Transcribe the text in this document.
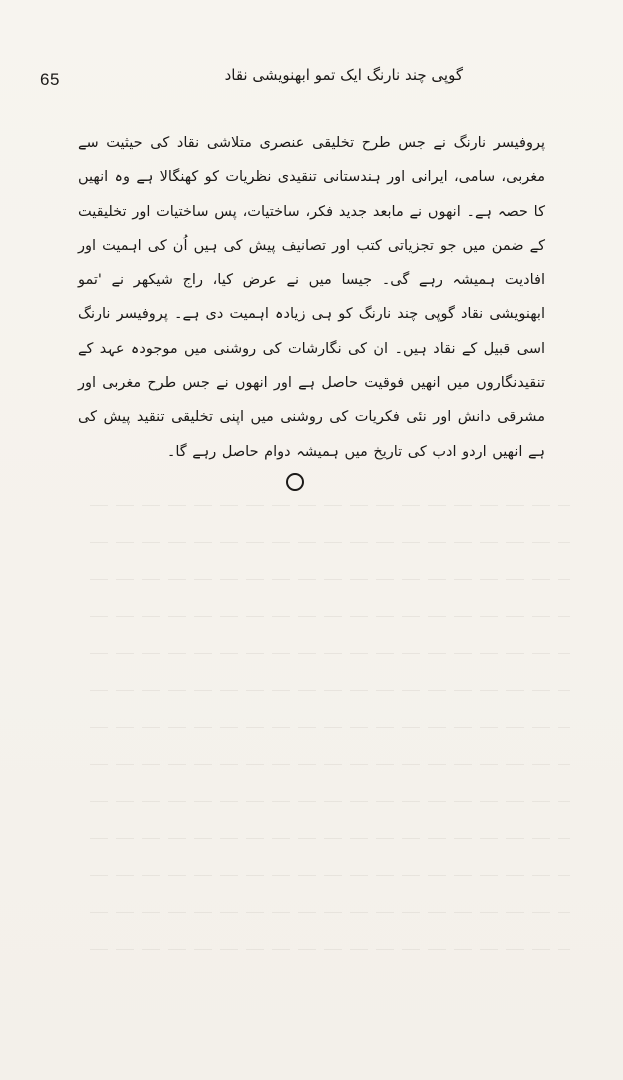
65	گوپی چند نارنگ ایک تمو ابھنویشی نقاد

پروفیسر نارنگ نے جس طرح تخلیقی عنصری متلاشی نقاد کی حیثیت سے مغربی، سامی، ایرانی اور ہندستانی تنقیدی نظریات کو کھنگالا ہے وہ انھیں کا حصہ ہے۔ انھوں نے مابعد جدید فکر، ساختیات، پس ساختیات اور تخلیقیت کے ضمن میں جو تجزیاتی کتب اور تصانیف پیش کی ہیں اُن کی اہمیت اور افادیت ہمیشہ رہے گی۔ جیسا میں نے عرض کیا، راج شیکھر نے 'تمو ابھنویشی نقاد گوپی چند نارنگ کو ہی زیادہ اہمیت دی ہے۔ پروفیسر نارنگ اسی قبیل کے نقاد ہیں۔ ان کی نگارشات کی روشنی میں موجودہ عہد کے تنقیدنگاروں میں انھیں فوقیت حاصل ہے اور انھوں نے جس طرح مغربی اور مشرقی دانش اور نئی فکریات کی روشنی میں اپنی تخلیقی تنقید پیش کی ہے انھیں اردو ادب کی تاریخ میں ہمیشہ دوام حاصل رہے گا۔
